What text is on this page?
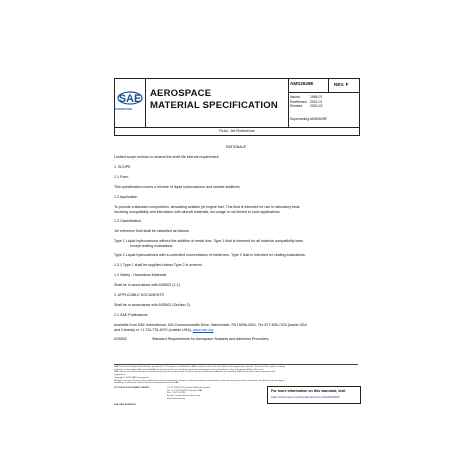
SAE
INTERNATIONAL
AEROSPACE
MATERIAL SPECIFICATION
AMS2629E	REV. F
Issued	1986-07
Reaffirmed	2001-01
Revised	2020-03
Superseding AMS2629E
Fluid, Jet Reference
RATIONALE
Limited scope revision to amend the shelf life interval requirement.
1. SCOPE
1.1 Form
This specification covers a mixture of liquid hydrocarbons and soluble additives.
1.2 Application
To provide a standard composition, simulating aviation jet engine fuel. This fluid is intended for use in laboratory tests
involving compatibility and interaction with aircraft materials, but usage is not limited to such applications.
1.3 Classification
Jet reference fluid shall be classified as follows:
Type 1 Liquid hydrocarbons without the addition of metal ions. Type 1 fluid is intended for all material compatibility tests
except chafing evaluations.
Type 2 Liquid hydrocarbons with a controlled concentration of metal ions. Type 2 fluid is intended for chafing evaluations.
1.3.1 Type 1 shall be supplied unless Type 2 is ordered.
1.4 Safety - Hazardous Materials
Shall be in accordance with AS5502 (1.1).
2. APPLICABLE DOCUMENTS
Shall be in accordance with AS5502 (Section 2).
2.1 SAE Publications
Available from SAE International, 400 Commonwealth Drive, Warrendale, PA 15096-0001, Tel: 877-606-7323 (inside USA
and Canada) or +1 724-776-4970 (outside USA), www.sae.org
AS5502	Standard Requirements for Aerospace Sealants and Adhesion Promoters
SAE Technical Standards Board Rules provide that: "This report is published by SAE to advance the state of technical and engineering sciences. The use of this report is entirely
voluntary, and its applicability and suitability for any particular use, including any patent infringement arising therefrom, is the sole responsibility of the user."
SAE reviews each technical report at least every five years at which time it may be revised, reaffirmed, stabilized, or cancelled. SAE invites your written comments and
suggestions.
Copyright © 2020 SAE International
All rights reserved. No part of this publication may be reproduced, stored in a retrieval system or transmitted, in any form or by any means, electronic, mechanical, photocopying,
recording, or otherwise, without the prior written permission of SAE.
TO PLACE A DOCUMENT ORDER:	Tel: 877-606-7323 (inside USA and Canada)
Tel: +1 724-776-4970 (outside USA)
Fax: 724-776-0790
Email: CustomerService@sae.org
http://www.sae.org
SAE WEB ADDRESS:
For more information on this standard, visit
https://www.sae.org/standards/content/AMS2629F
